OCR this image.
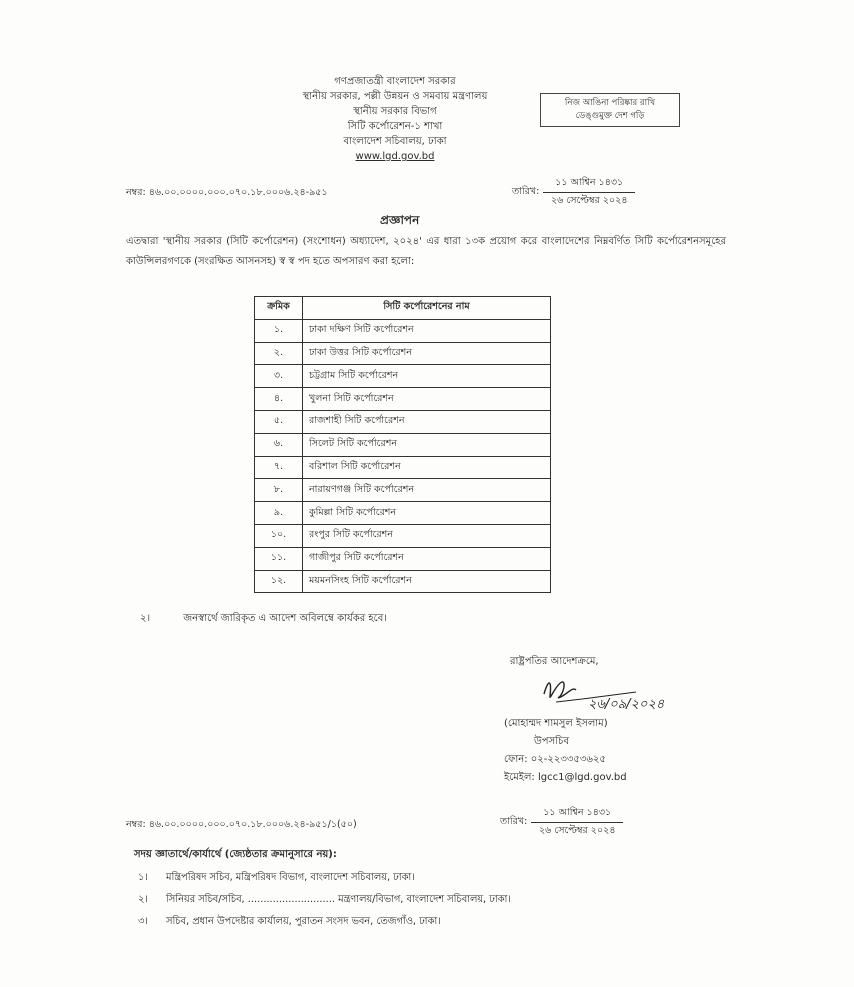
গণপ্রজাতন্ত্রী বাংলাদেশ সরকার
স্থানীয় সরকার, পল্লী উন্নয়ন ও সমবায় মন্ত্রণালয়
স্থানীয় সরকার বিভাগ
সিটি কর্পোরেশন-১ শাখা
বাংলাদেশ সচিবালয়, ঢাকা
www.lgd.gov.bd
নিজ আঙিনা পরিষ্কার রাখি
ডেঙ্গুমুক্ত দেশ গড়ি
নম্বর: ৪৬.০০.০০০০.০০০.০৭০.১৮.০০০৬.২৪-৯৫১	তারিখ:
১১ আশ্বিন ১৪৩১
২৬ সেপ্টেম্বর ২০২৪
প্রজ্ঞাপন

এতদ্বারা 'স্থানীয় সরকার (সিটি কর্পোরেশন) (সংশোধন) অধ্যাদেশ, ২০২৪' এর ধারা ১৩ক প্রয়োগ করে বাংলাদেশের নিম্নবর্ণিত সিটি কর্পোরেশনসমূহের কাউন্সিলরগণকে (সংরক্ষিত আসনসহ) স্ব স্ব পদ হতে অপসারণ করা হলো:

ক্রমিক	সিটি কর্পোরেশনের নাম
১.	ঢাকা দক্ষিণ সিটি কর্পোরেশন
২.	ঢাকা উত্তর সিটি কর্পোরেশন
৩.	চট্টগ্রাম সিটি কর্পোরেশন
৪.	খুলনা সিটি কর্পোরেশন
৫.	রাজশাহী সিটি কর্পোরেশন
৬.	সিলেট সিটি কর্পোরেশন
৭.	বরিশাল সিটি কর্পোরেশন
৮.	নারায়ণগঞ্জ সিটি কর্পোরেশন
৯.	কুমিল্লা সিটি কর্পোরেশন
১০.	রংপুর সিটি কর্পোরেশন
১১.	গাজীপুর সিটি কর্পোরেশন
১২.	ময়মনসিংহ সিটি কর্পোরেশন
২।	জনস্বার্থে জারিকৃত এ আদেশ অবিলম্বে কার্যকর হবে।
রাষ্ট্রপতির আদেশক্রমে,
২৬/০৯/২০২৪
(মোহাম্মদ শামসুল ইসলাম)
উপসচিব
ফোন: ০২-২২৩৩৫৩৬২৫
ইমেইল: lgcc1@lgd.gov.bd
নম্বর: ৪৬.০০.০০০০.০০০.০৭০.১৮.০০০৬.২৪-৯৫১/১(৫০)	তারিখ:
১১ আশ্বিন ১৪৩১
২৬ সেপ্টেম্বর ২০২৪
সদয় জ্ঞাতার্থে/কার্যার্থে (জ্যেষ্ঠতার ক্রমানুসারে নয়):
১। মন্ত্রিপরিষদ সচিব, মন্ত্রিপরিষদ বিভাগ, বাংলাদেশ সচিবালয়, ঢাকা।
২। সিনিয়র সচিব/সচিব, ............................ মন্ত্রণালয়/বিভাগ, বাংলাদেশ সচিবালয়, ঢাকা।
৩। সচিব, প্রধান উপদেষ্টার কার্যালয়, পুরাতন সংসদ ভবন, তেজগাঁও, ঢাকা।
